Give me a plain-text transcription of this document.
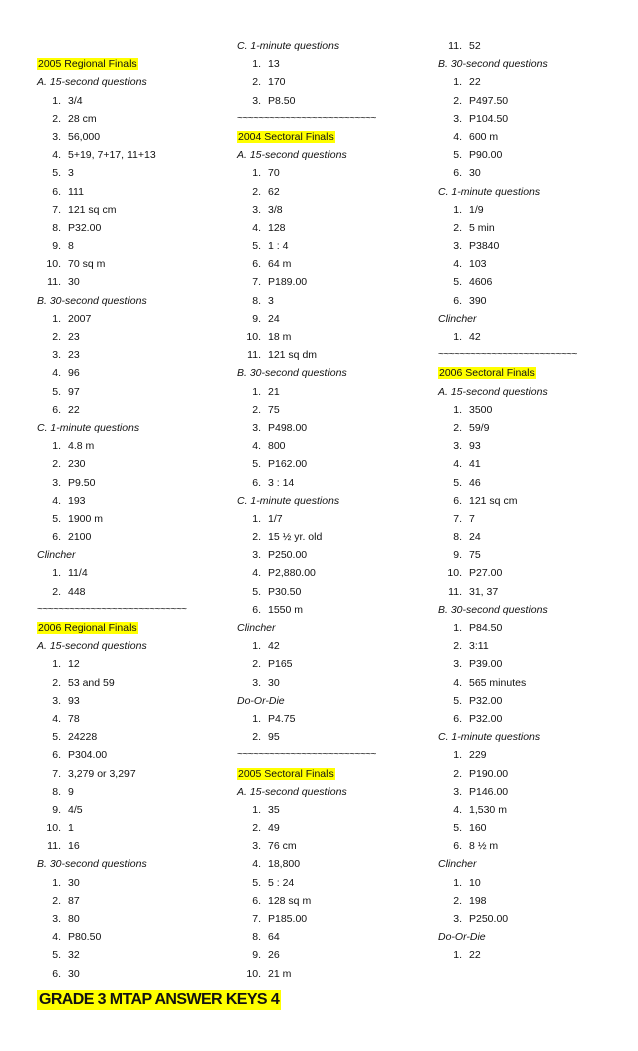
2005 Regional Finals
A. 15-second questions
1. 3/4
2. 28 cm
3. 56,000
4. 5+19, 7+17, 11+13
5. 3
6. 111
7. 121 sq cm
8. P32.00
9. 8
10. 70 sq m
11. 30
B. 30-second questions
1. 2007
2. 23
3. 23
4. 96
5. 97
6. 22
C. 1-minute questions
1. 4.8 m
2. 230
3. P9.50
4. 193
5. 1900 m
6. 2100
Clincher
1. 11/4
2. 448
~~~~~~~~~~~~~~~~~~~~~~~~~~~~
2006 Regional Finals
A. 15-second questions
1. 12
2. 53 and 59
3. 93
4. 78
5. 24228
6. P304.00
7. 3,279 or 3,297
8. 9
9. 4/5
10. 1
11. 16
B. 30-second questions
1. 30
2. 87
3. 80
4. P80.50
5. 32
6. 30
C. 1-minute questions
1. 13
2. 170
3. P8.50
~~~~~~~~~~~~~~~~~~~~~~~~~~
2004 Sectoral Finals
A. 15-second questions
1. 70
2. 62
3. 3/8
4. 128
5. 1 : 4
6. 64 m
7. P189.00
8. 3
9. 24
10. 18 m
11. 121 sq dm
B. 30-second questions
1. 21
2. 75
3. P498.00
4. 800
5. P162.00
6. 3 : 14
C. 1-minute questions
1. 1/7
2. 15 ½ yr. old
3. P250.00
4. P2,880.00
5. P30.50
6. 1550 m
Clincher
1. 42
2. P165
3. 30
Do-Or-Die
1. P4.75
2. 95
~~~~~~~~~~~~~~~~~~~~~~~~~~
2005 Sectoral Finals
A. 15-second questions
1. 35
2. 49
3. 76 cm
4. 18,800
5. 5 : 24
6. 128 sq m
7. P185.00
8. 64
9. 26
10. 21 m
11. 52
B. 30-second questions
1. 22
2. P497.50
3. P104.50
4. 600 m
5. P90.00
6. 30
C. 1-minute questions
1. 1/9
2. 5 min
3. P3840
4. 103
5. 4606
6. 390
Clincher
1. 42
~~~~~~~~~~~~~~~~~~~~~~~~~~
2006 Sectoral Finals
A. 15-second questions
1. 3500
2. 59/9
3. 93
4. 41
5. 46
6. 121 sq cm
7. 7
8. 24
9. 75
10. P27.00
11. 31, 37
B. 30-second questions
1. P84.50
2. 3:11
3. P39.00
4. 565 minutes
5. P32.00
6. P32.00
C. 1-minute questions
1. 229
2. P190.00
3. P146.00
4. 1,530 m
5. 160
6. 8 ½ m
Clincher
1. 10
2. 198
3. P250.00
Do-Or-Die
1. 22
GRADE 3 MTAP ANSWER KEYS 4
